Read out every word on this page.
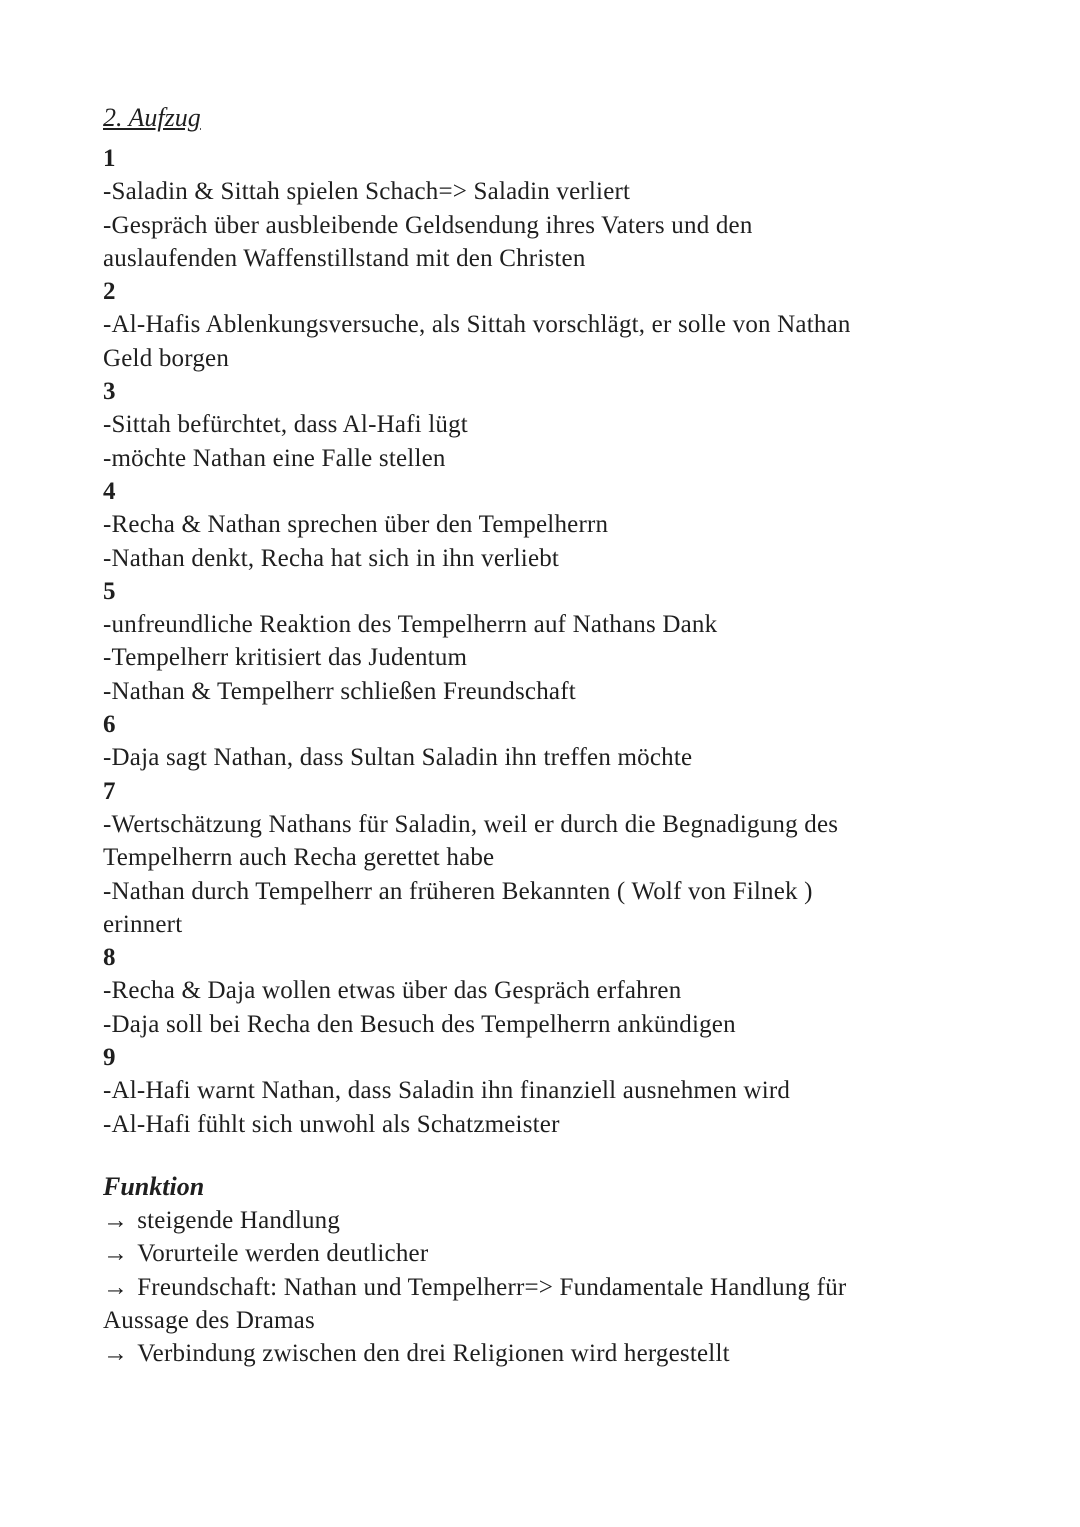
2. Aufzug
1
-Saladin & Sittah spielen Schach=> Saladin verliert
-Gespräch über ausbleibende Geldsendung ihres Vaters und den
auslaufenden Waffenstillstand mit den Christen
2
-Al-Hafis Ablenkungsversuche, als Sittah vorschlägt, er solle von Nathan
Geld borgen
3
-Sittah befürchtet, dass Al-Hafi lügt
-möchte Nathan eine Falle stellen
4
-Recha & Nathan sprechen über den Tempelherrn
-Nathan denkt, Recha hat sich in ihn verliebt
5
-unfreundliche Reaktion des Tempelherrn auf Nathans Dank
-Tempelherr kritisiert das Judentum
-Nathan & Tempelherr schließen Freundschaft
6
-Daja sagt Nathan, dass Sultan Saladin ihn treffen möchte
7
-Wertschätzung Nathans für Saladin, weil er durch die Begnadigung des
Tempelherrn auch Recha gerettet habe
-Nathan durch Tempelherr an früheren Bekannten ( Wolf von Filnek )
erinnert
8
-Recha & Daja wollen etwas über das Gespräch erfahren
-Daja soll bei Recha den Besuch des Tempelherrn ankündigen
9
-Al-Hafi warnt Nathan, dass Saladin ihn finanziell ausnehmen wird
-Al-Hafi fühlt sich unwohl als Schatzmeister
Funktion
→ steigende Handlung
→ Vorurteile werden deutlicher
→ Freundschaft: Nathan und Tempelherr=> Fundamentale Handlung für
Aussage des Dramas
→ Verbindung zwischen den drei Religionen wird hergestellt
